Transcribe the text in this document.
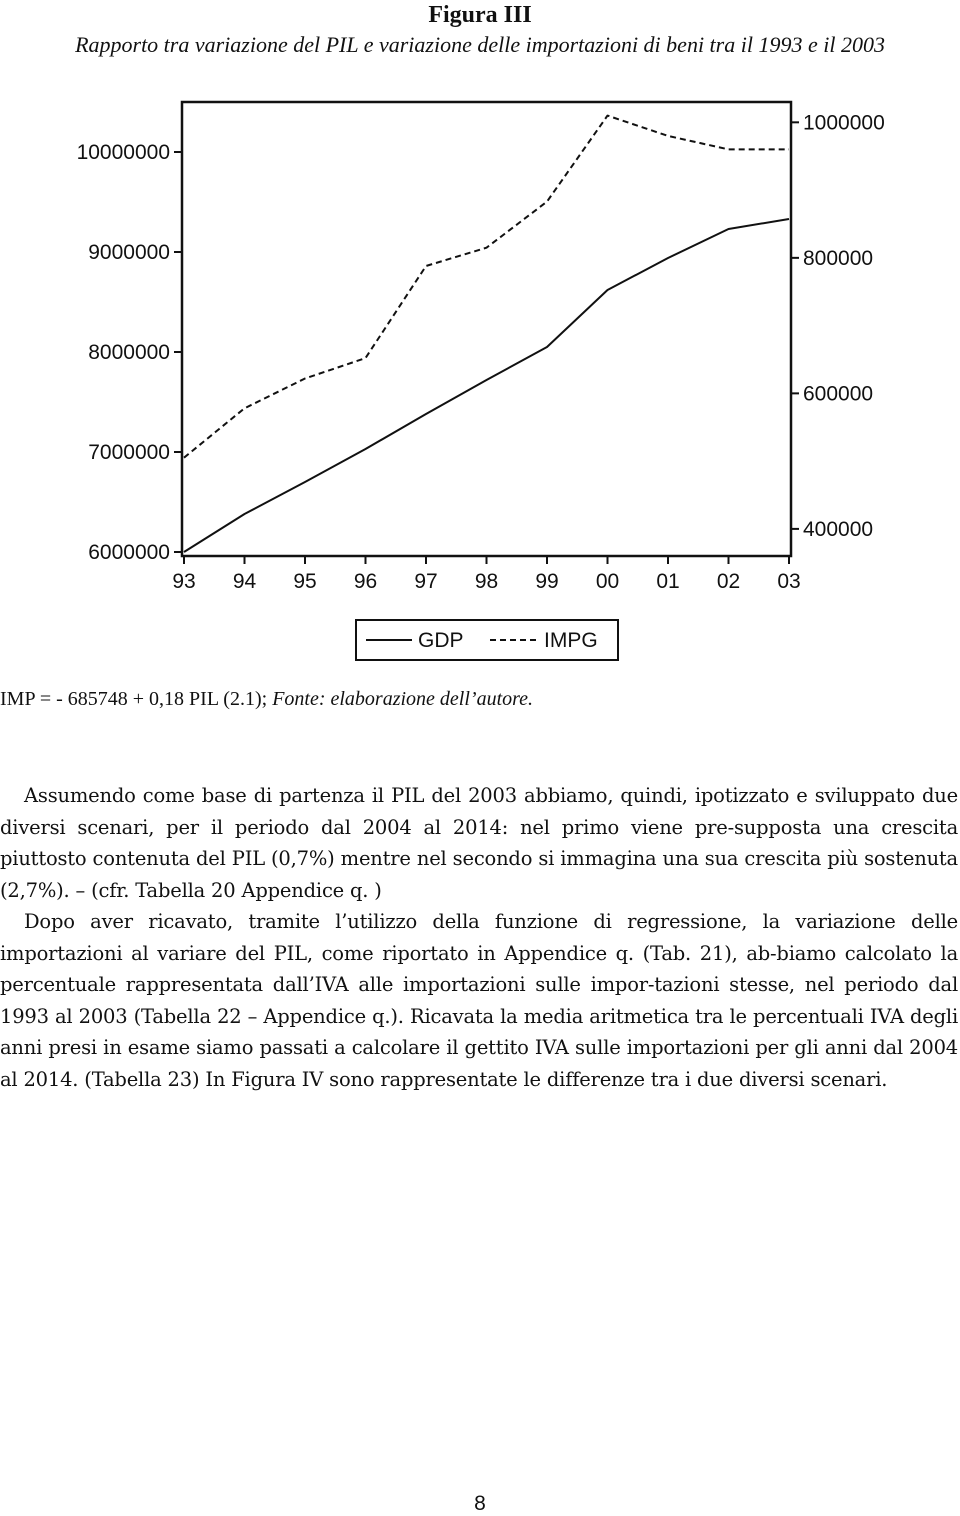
Figura III
Rapporto tra variazione del PIL e variazione delle importazioni di beni tra il 1993 e il 2003
6000000
7000000
8000000
9000000
10000000
400000
600000
800000
1000000
93 94 95 96 97 98 99 00 01 02 03
GDP	IMPG
IMP = - 685748 + 0,18 PIL (2.1); Fonte: elaborazione dell’autore.

Assumendo come base di partenza il PIL del 2003 abbiamo, quindi, ipotizzato e sviluppato due diversi scenari, per il periodo dal 2004 al 2014: nel primo viene pre-supposta una crescita piuttosto contenuta del PIL (0,7%) mentre nel secondo si immagina una sua crescita più sostenuta (2,7%). – (cfr. Tabella 20 Appendice q. )

Dopo aver ricavato, tramite l’utilizzo della funzione di regressione, la variazione delle importazioni al variare del PIL, come riportato in Appendice q. (Tab. 21), ab-biamo calcolato la percentuale rappresentata dall’IVA alle importazioni sulle impor-tazioni stesse, nel periodo dal 1993 al 2003 (Tabella 22 – Appendice q.). Ricavata la media aritmetica tra le percentuali IVA degli anni presi in esame siamo passati a calcolare il gettito IVA sulle importazioni per gli anni dal 2004 al 2014. (Tabella 23) In Figura IV sono rappresentate le differenze tra i due diversi scenari.

8
